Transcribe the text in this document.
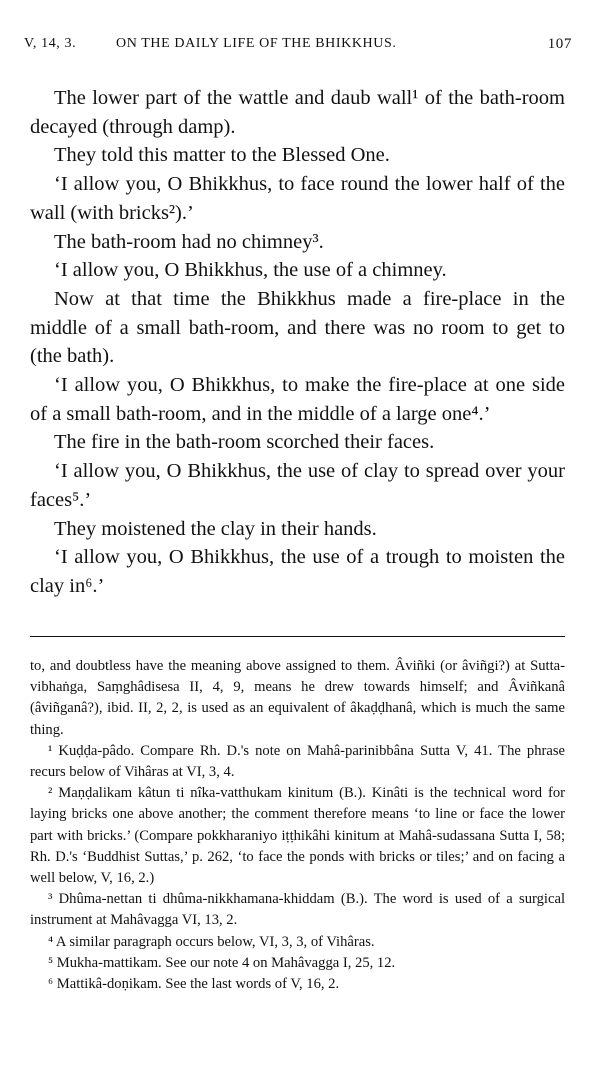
V, 14, 3.	ON THE DAILY LIFE OF THE BHIKKHUS.	107

The lower part of the wattle and daub wall¹ of the bath-room decayed (through damp).

They told this matter to the Blessed One.

‘I allow you, O Bhikkhus, to face round the lower half of the wall (with bricks²).’

The bath-room had no chimney³.

‘I allow you, O Bhikkhus, the use of a chimney.

Now at that time the Bhikkhus made a fire-place in the middle of a small bath-room, and there was no room to get to (the bath).

‘I allow you, O Bhikkhus, to make the fire-place at one side of a small bath-room, and in the middle of a large one⁴.’

The fire in the bath-room scorched their faces.

‘I allow you, O Bhikkhus, the use of clay to spread over your faces⁵.’

They moistened the clay in their hands.

‘I allow you, O Bhikkhus, the use of a trough to moisten the clay in⁶.’

to, and doubtless have the meaning above assigned to them. Âviñki (or âviñgi?) at Sutta-vibhaṅga, Saṃghâdisesa II, 4, 9, means he drew towards himself; and Âviñkanâ (âviñganâ?), ibid. II, 2, 2, is used as an equivalent of âkaḍḍhanâ, which is much the same thing.

¹ Kuḍḍa-pâdo. Compare Rh. D.'s note on Mahâ-parinibbâna Sutta V, 41. The phrase recurs below of Vihâras at VI, 3, 4.

² Maṇḍalikam kâtun ti nîka-vatthukam kinitum (B.). Kinâti is the technical word for laying bricks one above another; the comment therefore means ‘to line or face the lower part with bricks.’ (Compare pokkharaniyo iṭṭhikâhi kinitum at Mahâ-sudassana Sutta I, 58; Rh. D.'s ‘Buddhist Suttas,’ p. 262, ‘to face the ponds with bricks or tiles;’ and on facing a well below, V, 16, 2.)

³ Dhûma-nettan ti dhûma-nikkhamana-khiddam (B.). The word is used of a surgical instrument at Mahâvagga VI, 13, 2.

⁴ A similar paragraph occurs below, VI, 3, 3, of Vihâras.

⁵ Mukha-mattikam. See our note 4 on Mahâvagga I, 25, 12.

⁶ Mattikâ-doṇikam. See the last words of V, 16, 2.
